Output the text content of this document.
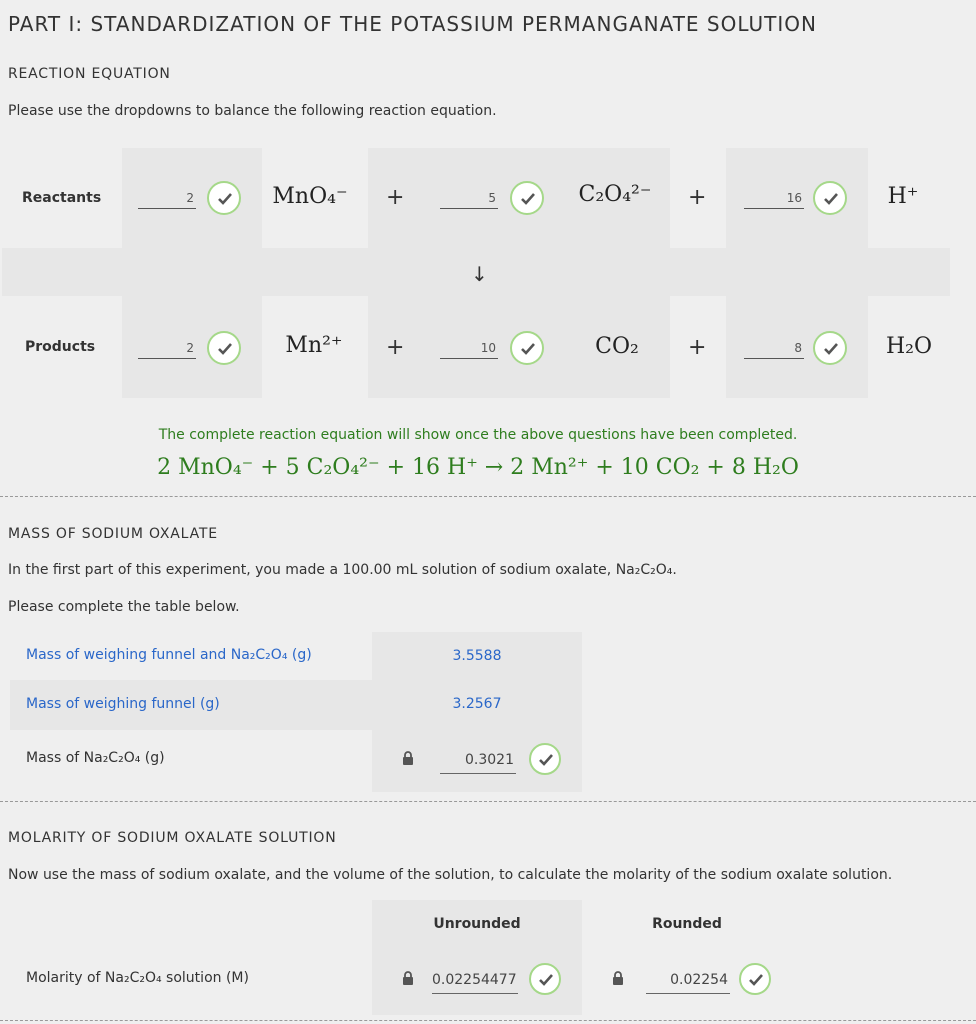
PART I: STANDARDIZATION OF THE POTASSIUM PERMANGANATE SOLUTION
REACTION EQUATION
Please use the dropdowns to balance the following reaction equation.
Reactants	2	MnO₄⁻ +	5	C₂O₄²⁻	+	16	H⁺
↓
Products	2	Mn²⁺	+	10	CO₂	+	8	H₂O
The complete reaction equation will show once the above questions have been completed.
2 MnO₄⁻ + 5 C₂O₄²⁻ + 16 H⁺ → 2 Mn²⁺ + 10 CO₂ + 8 H₂O
MASS OF SODIUM OXALATE
In the first part of this experiment, you made a 100.00 mL solution of sodium oxalate, Na₂C₂O₄.
Please complete the table below.
Mass of weighing funnel and Na₂C₂O₄ (g)	3.5588
Mass of weighing funnel (g)	3.2567
Mass of Na₂C₂O₄ (g)	0.3021
MOLARITY OF SODIUM OXALATE SOLUTION
Now use the mass of sodium oxalate, and the volume of the solution, to calculate the molarity of the sodium oxalate solution.
Unrounded	Rounded
Molarity of Na₂C₂O₄ solution (M)	0.02254477	0.02254
